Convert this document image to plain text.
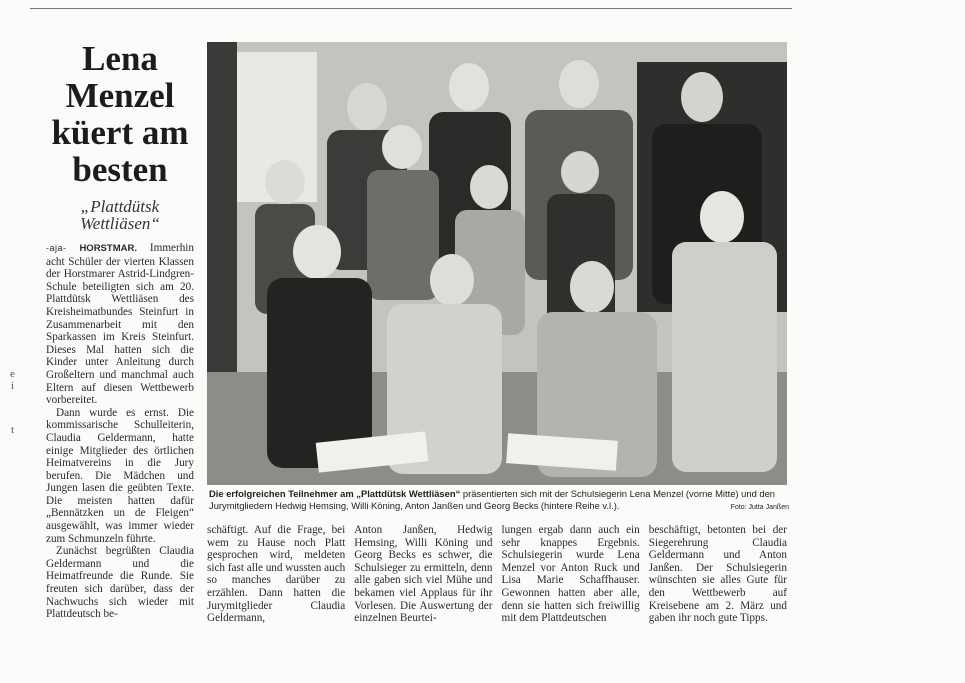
e
i
t
Lena Menzel küert am besten
„Plattdütsk Wettliäsen“
-aja- HORSTMAR. Immerhin acht Schüler der vierten Klassen der Horstmarer Astrid-Lindgren-Schule beteiligten sich am 20. Plattdütsk Wettliäsen des Kreisheimatbundes Steinfurt in Zusammenarbeit mit den Sparkassen im Kreis Steinfurt. Dieses Mal hatten sich die Kinder unter Anleitung durch Großeltern und manchmal auch Eltern auf diesen Wettbewerb vorbereitet.
Dann wurde es ernst. Die kommissarische Schulleiterin, Claudia Geldermann, hatte einige Mitglieder des örtlichen Heimatvereins in die Jury berufen. Die Mädchen und Jungen lasen die geübten Texte. Die meisten hatten dafür „Bennätzken un de Fleigen“ ausgewählt, was immer wieder zum Schmunzeln führte.
Zunächst begrüßten Claudia Geldermann und die Heimatfreunde die Runde. Sie freuten sich darüber, dass der Nachwuchs sich wieder mit Plattdeutsch be-
Die erfolgreichen Teilnehmer am „Plattdütsk Wettliäsen“ präsentierten sich mit der Schulsiegerin Lena Menzel (vorne Mitte) und den Jurymitgliedern Hedwig Hemsing, Willi Köning, Anton Janßen und Georg Becks (hintere Reihe v.l.).	Foto: Jutta Janßen
schäftigt. Auf die Frage, bei wem zu Hause noch Platt gesprochen wird, meldeten sich fast alle und wussten auch so manches darüber zu erzählen. Dann hatten die Jurymitglieder Claudia Geldermann,
Anton Janßen, Hedwig Hemsing, Willi Köning und Georg Becks es schwer, die Schulsieger zu ermitteln, denn alle gaben sich viel Mühe und bekamen viel Applaus für ihr Vorlesen. Die Auswertung der einzelnen Beurtei-
lungen ergab dann auch ein sehr knappes Ergebnis. Schulsiegerin wurde Lena Menzel vor Anton Ruck und Lisa Marie Schaffhauser. Gewonnen hatten aber alle, denn sie hatten sich freiwillig mit dem Plattdeutschen
beschäftigt, betonten bei der Siegerehrung Claudia Geldermann und Anton Janßen. Der Schulsiegerin wünschten sie alles Gute für den Wettbewerb auf Kreisebene am 2. März und gaben ihr noch gute Tipps.
